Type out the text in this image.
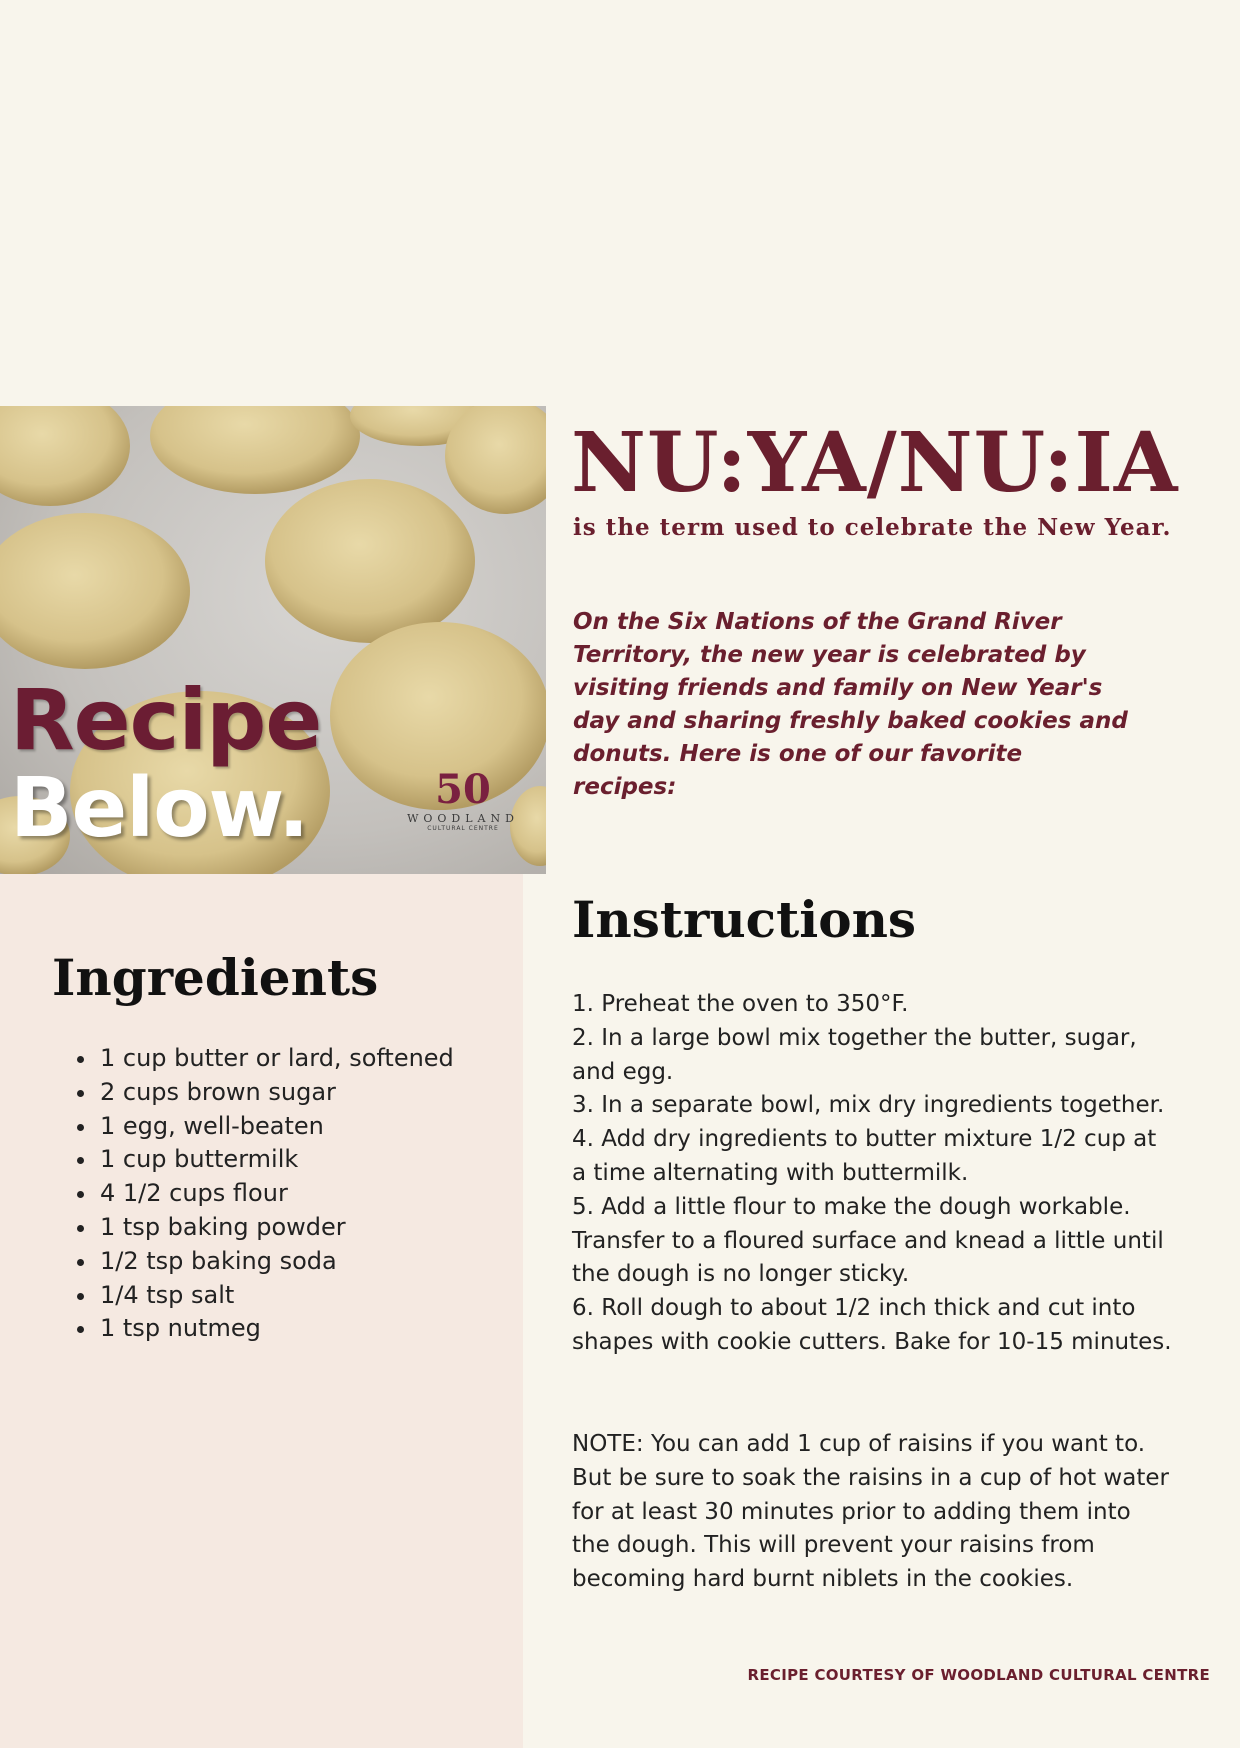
Recipe
Below.	50
WOODLAND
CULTURAL CENTRE
NU:YA/NU:IA

is the term used to celebrate the New Year.

On the Six Nations of the Grand River Territory, the new year is celebrated by visiting friends and family on New Year's day and sharing freshly baked cookies and donuts. Here is one of our favorite recipes:

Ingredients
• 1 cup butter or lard, softened
• 2 cups brown sugar
• 1 egg, well-beaten
• 1 cup buttermilk
• 4 1/2 cups flour
• 1 tsp baking powder
• 1/2 tsp baking soda
• 1/4 tsp salt
• 1 tsp nutmeg
Instructions

1. Preheat the oven to 350°F.

2. In a large bowl mix together the butter, sugar, and egg.

3. In a separate bowl, mix dry ingredients together.

4. Add dry ingredients to butter mixture 1/2 cup at a time alternating with buttermilk.

5. Add a little flour to make the dough workable. Transfer to a floured surface and knead a little until the dough is no longer sticky.

6. Roll dough to about 1/2 inch thick and cut into shapes with cookie cutters. Bake for 10-15 minutes.

NOTE: You can add 1 cup of raisins if you want to. But be sure to soak the raisins in a cup of hot water for at least 30 minutes prior to adding them into the dough. This will prevent your raisins from becoming hard burnt niblets in the cookies.

RECIPE COURTESY OF WOODLAND CULTURAL CENTRE
